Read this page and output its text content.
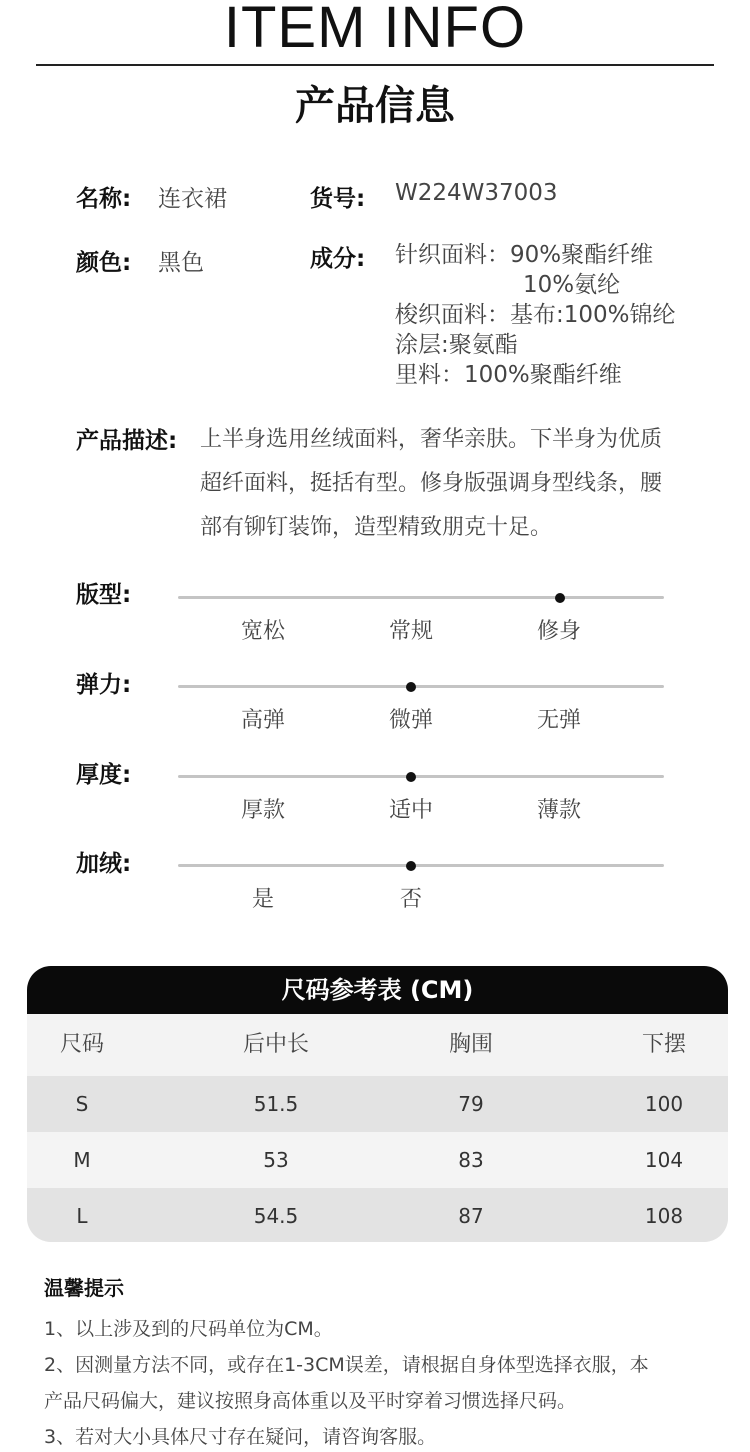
ITEM INFO
产品信息
名称: 连衣裙	货号: W224W37003
颜色: 黑色	成分: 针织面料：90%聚酯纤维
10%氨纶
梭织面料：基布:100%锦纶
涂层:聚氨酯
里料：100%聚酯纤维
产品描述: 上半身选用丝绒面料，奢华亲肤。下半身为优质
超纤面料，挺括有型。修身版强调身型线条，腰
部有铆钉装饰，造型精致朋克十足。
版型:
宽松	常规	修身
弹力:
高弹	微弹	无弹
厚度:
厚款	适中	薄款
加绒:
是	否
尺码参考表 (CM)
尺码	后中长	胸围	下摆
S	51.5	79	100
M	53	83	104
L	54.5	87	108
温馨提示
1、以上涉及到的尺码单位为CM。
2、因测量方法不同，或存在1-3CM误差，请根据自身体型选择衣服，本
产品尺码偏大，建议按照身高体重以及平时穿着习惯选择尺码。
3、若对大小具体尺寸存在疑问，请咨询客服。
